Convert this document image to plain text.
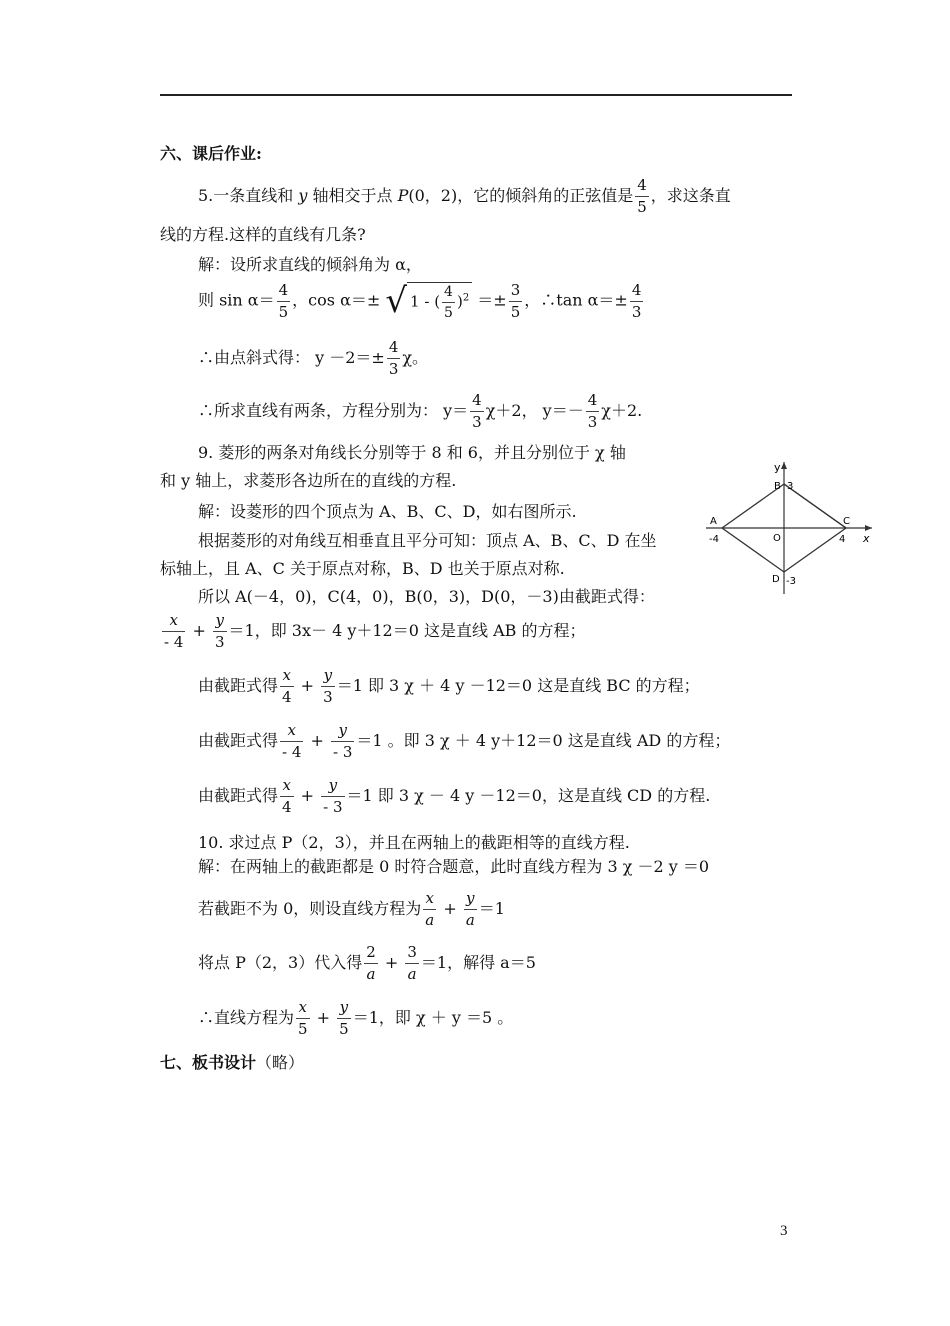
六、课后作业:
5.一条直线和 y 轴相交于点 P(0，2)，它的倾斜角的正弦值是 $\frac{4}{5}$ ，求这条直
线的方程.这样的直线有几条?
解：设所求直线的倾斜角为 α，
则 $\sin \alpha= \frac{4}{5}$ ，cos α＝± √ 1 - ( $\frac{4}{5} )^2 =\pm \frac{3}{5}$ ，∴tan $\alpha=\pm \frac{4}{3}$
∴由点斜式得： $y -2=\pm \frac{4}{3}$ χ。
∴所求直线有两条，方程分别为： $y= \frac{4}{3} \chi+2$， $y=- \frac{4}{3} \chi+2$.
9. 菱形的两条对角线长分别等于 8 和 6，并且分别位于 χ 轴
和 y 轴上，求菱形各边所在的直线的方程.
解：设菱形的四个顶点为 A、B、C、D，如右图所示.
根据菱形的对角线互相垂直且平分可知：顶点 A、B、C、D 在坐
标轴上，且 A、C 关于原点对称，B、D 也关于原点对称.
所以 A(－4，0)，C(4，0)，B(0，3)，D(0，－3)由截距式得：
$\frac{x}{- 4} + \frac{y}{3} =1$，即 3x－ 4 y＋12＝0 这是直线 AB 的方程；
由截距式得 $\frac{x}{4} + \frac{y}{3} =1$ 即 3 χ ＋ 4 y －12＝0 这是直线 BC 的方程；
由截距式得 $\frac{x}{- 4} + \frac{y}{- 3} =1$ 。即 3 χ ＋ 4 y＋12＝0 这是直线 AD 的方程；
由截距式得 $\frac{x}{4} + \frac{y}{- 3} =1$ 即 3 χ － 4 y －12＝0，这是直线 CD 的方程.
y
x
A
B
C
D
O
-4	4
3
-3
10. 求过点 P（2，3），并且在两轴上的截距相等的直线方程.
解：在两轴上的截距都是 0 时符合题意，此时直线方程为 3 χ －2 y ＝0
若截距不为 0，则设直线方程为 $\frac{x}{a} + \frac{y}{a} =1$
将点 P（2，3）代入得 $\frac{2}{a} + \frac{3}{a} =1$，解得 a＝5
∴直线方程为 $\frac{x}{5} + \frac{y}{5} =1$，即 χ ＋ y ＝5 。
七、板书设计（略）
3
